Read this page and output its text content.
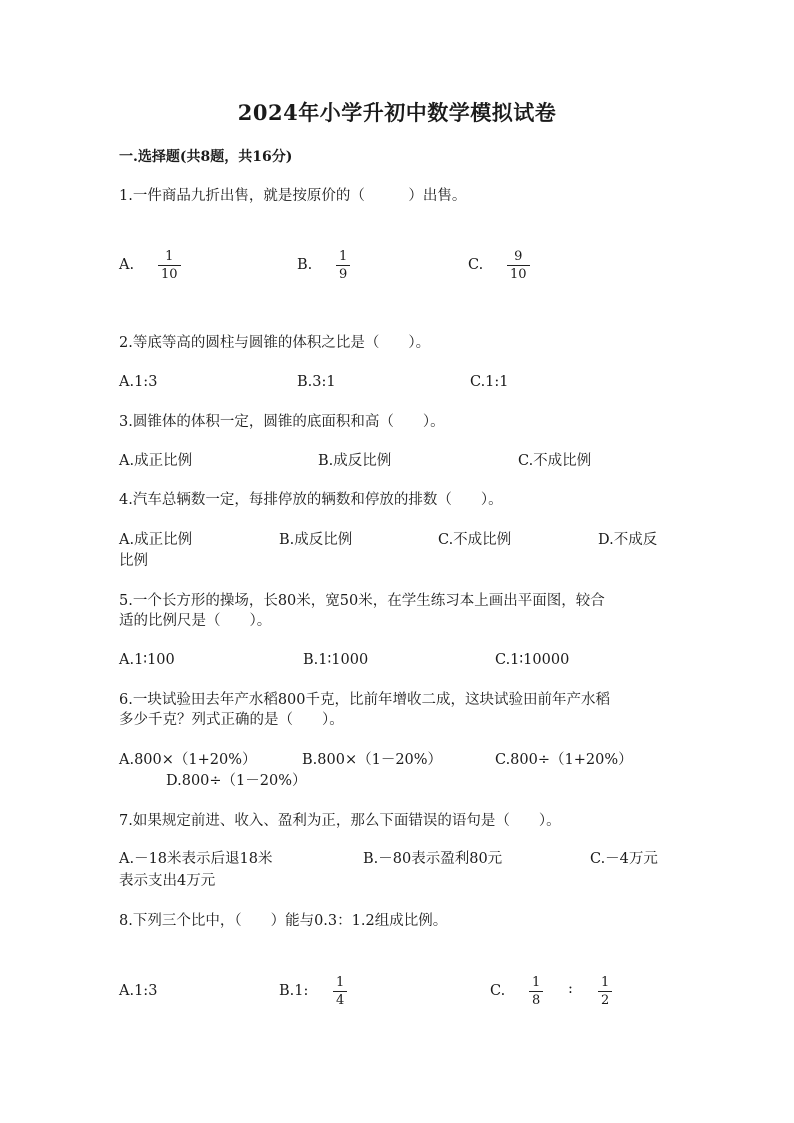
2024年小学升初中数学模拟试卷
一.选择题(共8题，共16分)
1.一件商品九折出售，就是按原价的（　　　）出售。
A.
1
10
B.
1
9
C.
9
10
2.等底等高的圆柱与圆锥的体积之比是（　　）。
A.1:3	B.3:1	C.1:1
3.圆锥体的体积一定，圆锥的底面积和高（　　）。
A.成正比例	B.成反比例	C.不成比例
4.汽车总辆数一定，每排停放的辆数和停放的排数（　　）。
A.成正比例	B.成反比例	C.不成比例	D.不成反
比例
5.一个长方形的操场，长80米，宽50米，在学生练习本上画出平面图，较合
适的比例尺是（　　）。
A.1∶100	B.1∶1000	C.1∶10000
6.一块试验田去年产水稻800千克，比前年增收二成，这块试验田前年产水稻
多少千克？列式正确的是（　　）。
A.800×（1+20%）	B.800×（1－20%）	C.800÷（1+20%）
D.800÷（1－20%）
7.如果规定前进、收入、盈利为正，那么下面错误的语句是（　　）。
A.－18米表示后退18米	B.－80表示盈利80元	C.－4万元
表示支出4万元
8.下列三个比中，（　　）能与0.3：1.2组成比例。
A.1:3	B.1:
1
4
C.
1
8
: 1
2
